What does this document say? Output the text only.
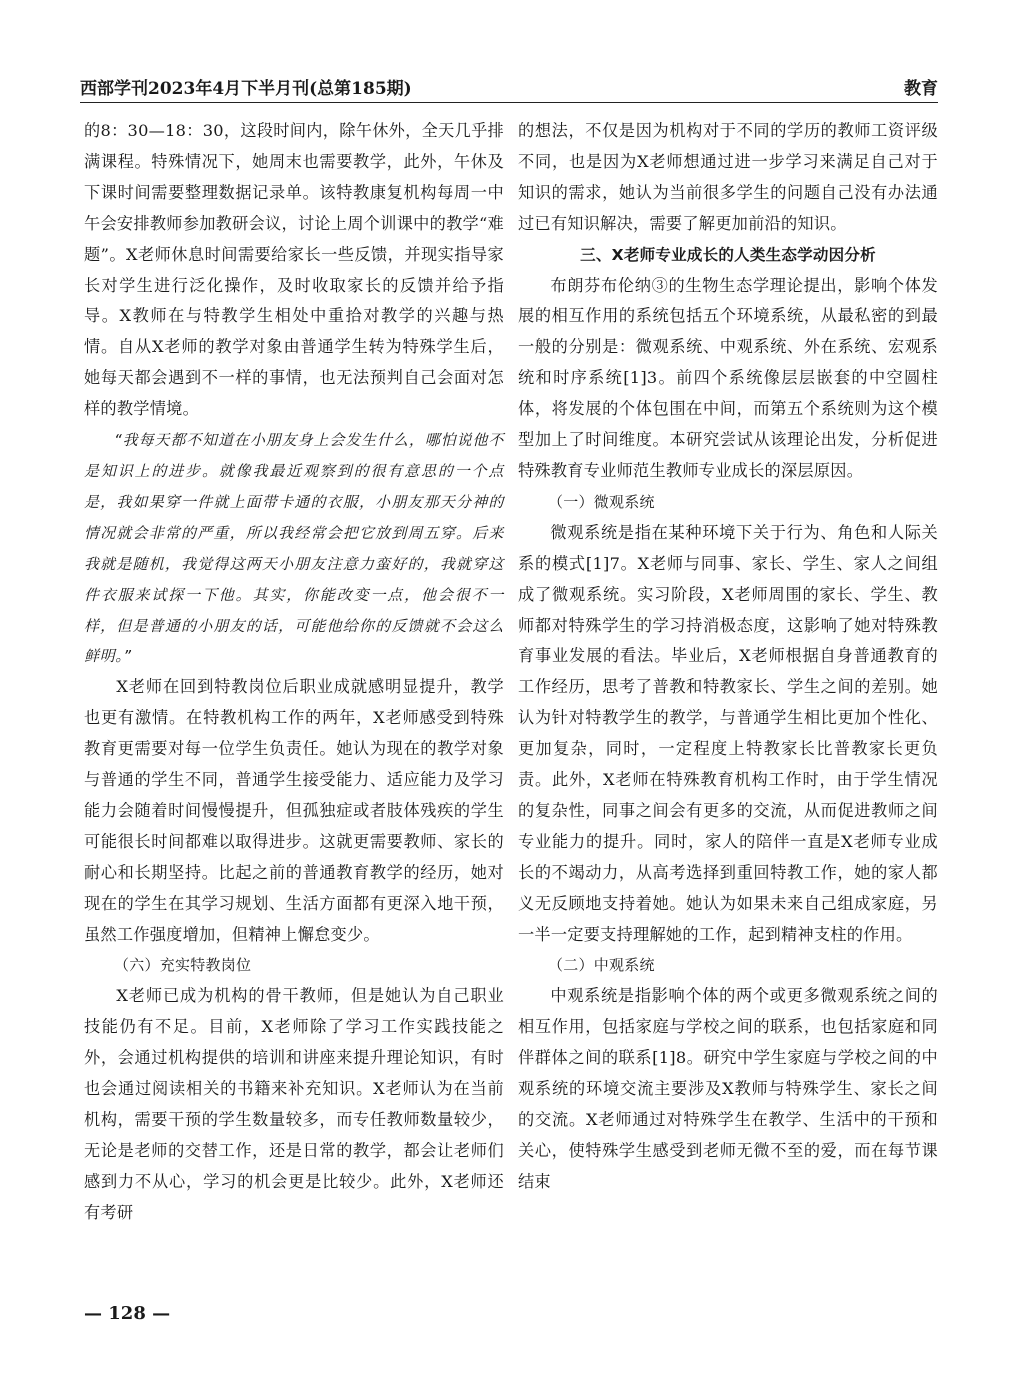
西部学刊2023年4月下半月刊(总第185期)	教育

的8：30—18：30，这段时间内，除午休外，全天几乎排满课程。特殊情况下，她周末也需要教学，此外，午休及下课时间需要整理数据记录单。该特教康复机构每周一中午会安排教师参加教研会议，讨论上周个训课中的教学“难题”。X老师休息时间需要给家长一些反馈，并现实指导家长对学生进行泛化操作，及时收取家长的反馈并给予指导。X教师在与特教学生相处中重拾对教学的兴趣与热情。自从X老师的教学对象由普通学生转为特殊学生后，她每天都会遇到不一样的事情，也无法预判自己会面对怎样的教学情境。

“我每天都不知道在小朋友身上会发生什么，哪怕说他不是知识上的进步。就像我最近观察到的很有意思的一个点是，我如果穿一件就上面带卡通的衣服，小朋友那天分神的情况就会非常的严重，所以我经常会把它放到周五穿。后来我就是随机，我觉得这两天小朋友注意力蛮好的，我就穿这件衣服来试探一下他。其实，你能改变一点，他会很不一样，但是普通的小朋友的话，可能他给你的反馈就不会这么鲜明。”

X老师在回到特教岗位后职业成就感明显提升，教学也更有激情。在特教机构工作的两年，X老师感受到特殊教育更需要对每一位学生负责任。她认为现在的教学对象与普通的学生不同，普通学生接受能力、适应能力及学习能力会随着时间慢慢提升，但孤独症或者肢体残疾的学生可能很长时间都难以取得进步。这就更需要教师、家长的耐心和长期坚持。比起之前的普通教育教学的经历，她对现在的学生在其学习规划、生活方面都有更深入地干预，虽然工作强度增加，但精神上懈怠变少。

（六）充实特教岗位

X老师已成为机构的骨干教师，但是她认为自己职业技能仍有不足。目前，X老师除了学习工作实践技能之外，会通过机构提供的培训和讲座来提升理论知识，有时也会通过阅读相关的书籍来补充知识。X老师认为在当前机构，需要干预的学生数量较多，而专任教师数量较少，无论是老师的交替工作，还是日常的教学，都会让老师们感到力不从心，学习的机会更是比较少。此外，X老师还有考研

的想法，不仅是因为机构对于不同的学历的教师工资评级不同，也是因为X老师想通过进一步学习来满足自己对于知识的需求，她认为当前很多学生的问题自己没有办法通过已有知识解决，需要了解更加前沿的知识。

三、X老师专业成长的人类生态学动因分析

布朗芬布伦纳③的生物生态学理论提出，影响个体发展的相互作用的系统包括五个环境系统，从最私密的到最一般的分别是：微观系统、中观系统、外在系统、宏观系统和时序系统[1]3。前四个系统像层层嵌套的中空圆柱体，将发展的个体包围在中间，而第五个系统则为这个模型加上了时间维度。本研究尝试从该理论出发，分析促进特殊教育专业师范生教师专业成长的深层原因。

（一）微观系统

微观系统是指在某种环境下关于行为、角色和人际关系的模式[1]7。X老师与同事、家长、学生、家人之间组成了微观系统。实习阶段，X老师周围的家长、学生、教师都对特殊学生的学习持消极态度，这影响了她对特殊教育事业发展的看法。毕业后，X老师根据自身普通教育的工作经历，思考了普教和特教家长、学生之间的差别。她认为针对特教学生的教学，与普通学生相比更加个性化、更加复杂，同时，一定程度上特教家长比普教家长更负责。此外，X老师在特殊教育机构工作时，由于学生情况的复杂性，同事之间会有更多的交流，从而促进教师之间专业能力的提升。同时，家人的陪伴一直是X老师专业成长的不竭动力，从高考选择到重回特教工作，她的家人都义无反顾地支持着她。她认为如果未来自己组成家庭，另一半一定要支持理解她的工作，起到精神支柱的作用。

（二）中观系统

中观系统是指影响个体的两个或更多微观系统之间的相互作用，包括家庭与学校之间的联系，也包括家庭和同伴群体之间的联系[1]8。研究中学生家庭与学校之间的中观系统的环境交流主要涉及X教师与特殊学生、家长之间的交流。X老师通过对特殊学生在教学、生活中的干预和关心，使特殊学生感受到老师无微不至的爱，而在每节课结束

— 128 —
